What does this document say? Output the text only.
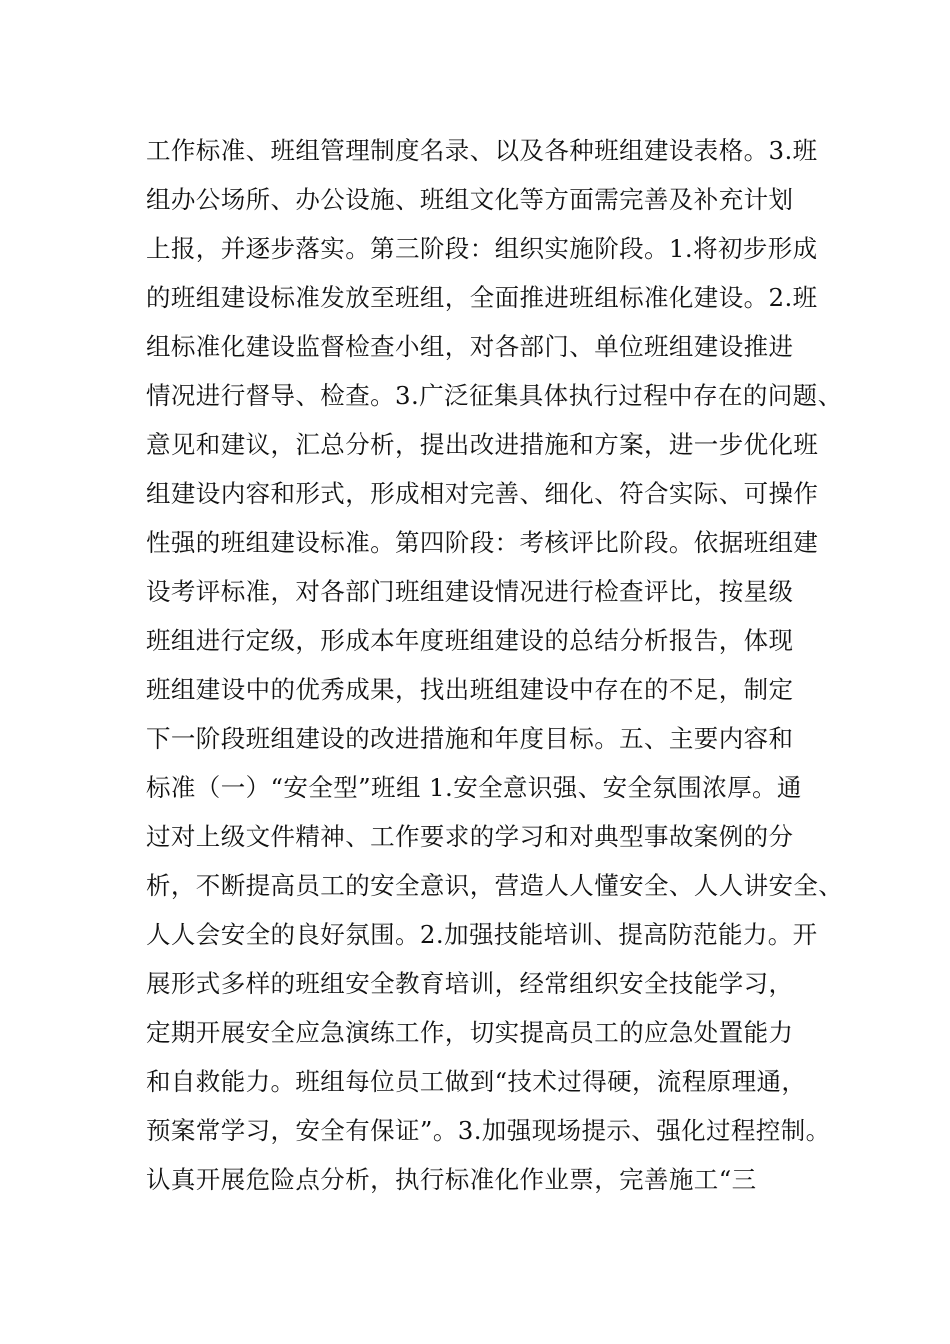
工作标准、班组管理制度名录、以及各种班组建设表格。3.班
组办公场所、办公设施、班组文化等方面需完善及补充计划
上报，并逐步落实。第三阶段：组织实施阶段。1.将初步形成
的班组建设标准发放至班组，全面推进班组标准化建设。2.班
组标准化建设监督检查小组，对各部门、单位班组建设推进
情况进行督导、检查。3.广泛征集具体执行过程中存在的问题、
意见和建议，汇总分析，提出改进措施和方案，进一步优化班
组建设内容和形式，形成相对完善、细化、符合实际、可操作
性强的班组建设标准。第四阶段：考核评比阶段。依据班组建
设考评标准，对各部门班组建设情况进行检查评比，按星级
班组进行定级，形成本年度班组建设的总结分析报告，体现
班组建设中的优秀成果，找出班组建设中存在的不足，制定
下一阶段班组建设的改进措施和年度目标。五、主要内容和
标准（一）“安全型”班组 1.安全意识强、安全氛围浓厚。通
过对上级文件精神、工作要求的学习和对典型事故案例的分
析，不断提高员工的安全意识，营造人人懂安全、人人讲安全、
人人会安全的良好氛围。2.加强技能培训、提高防范能力。开
展形式多样的班组安全教育培训，经常组织安全技能学习，
定期开展安全应急演练工作，切实提高员工的应急处置能力
和自救能力。班组每位员工做到“技术过得硬，流程原理通，
预案常学习，安全有保证”。3.加强现场提示、强化过程控制。
认真开展危险点分析，执行标准化作业票，完善施工“三
